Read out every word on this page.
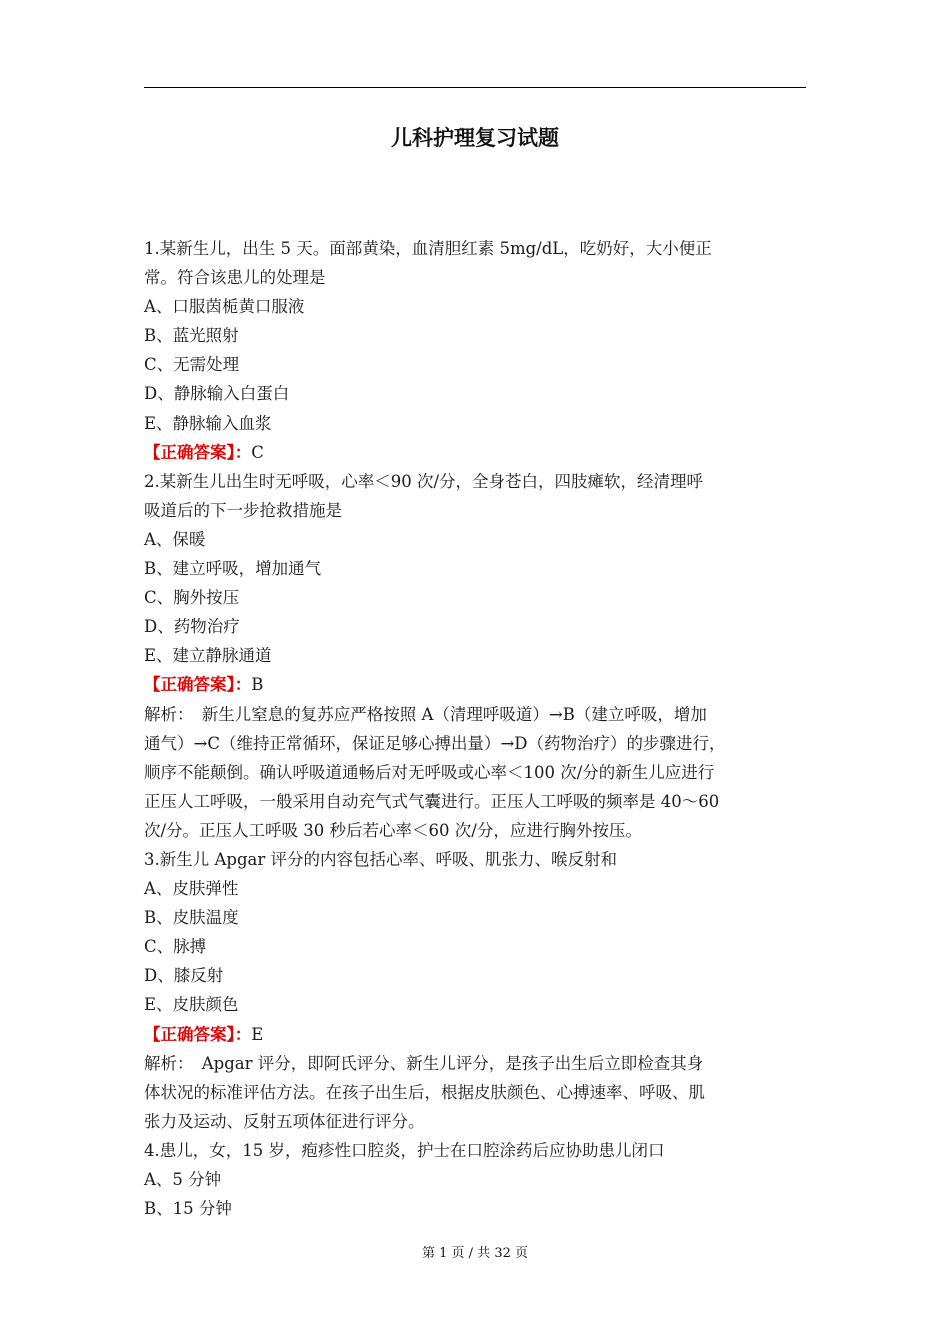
儿科护理复习试题
1.某新生儿，出生 5 天。面部黄染，血清胆红素 5mg/dL，吃奶好，大小便正
常。符合该患儿的处理是
A、口服茵栀黄口服液
B、蓝光照射
C、无需处理
D、静脉输入白蛋白
E、静脉输入血浆
【正确答案】：C
2.某新生儿出生时无呼吸，心率＜90 次/分，全身苍白，四肢瘫软，经清理呼
吸道后的下一步抢救措施是
A、保暖
B、建立呼吸，增加通气
C、胸外按压
D、药物治疗
E、建立静脉通道
【正确答案】：B
解析：　新生儿窒息的复苏应严格按照 A（清理呼吸道）→B（建立呼吸，增加
通气）→C（维持正常循环，保证足够心搏出量）→D（药物治疗）的步骤进行，
顺序不能颠倒。确认呼吸道通畅后对无呼吸或心率＜100 次/分的新生儿应进行
正压人工呼吸，一般采用自动充气式气囊进行。正压人工呼吸的频率是 40～60
次/分。正压人工呼吸 30 秒后若心率＜60 次/分，应进行胸外按压。
3.新生儿 Apgar 评分的内容包括心率、呼吸、肌张力、喉反射和
A、皮肤弹性
B、皮肤温度
C、脉搏
D、膝反射
E、皮肤颜色
【正确答案】：E
解析：　Apgar 评分，即阿氏评分、新生儿评分，是孩子出生后立即检查其身
体状况的标准评估方法。在孩子出生后，根据皮肤颜色、心搏速率、呼吸、肌
张力及运动、反射五项体征进行评分。
4.患儿，女，15 岁，疱疹性口腔炎，护士在口腔涂药后应协助患儿闭口
A、5 分钟
B、15 分钟
第 1 页 / 共 32 页
